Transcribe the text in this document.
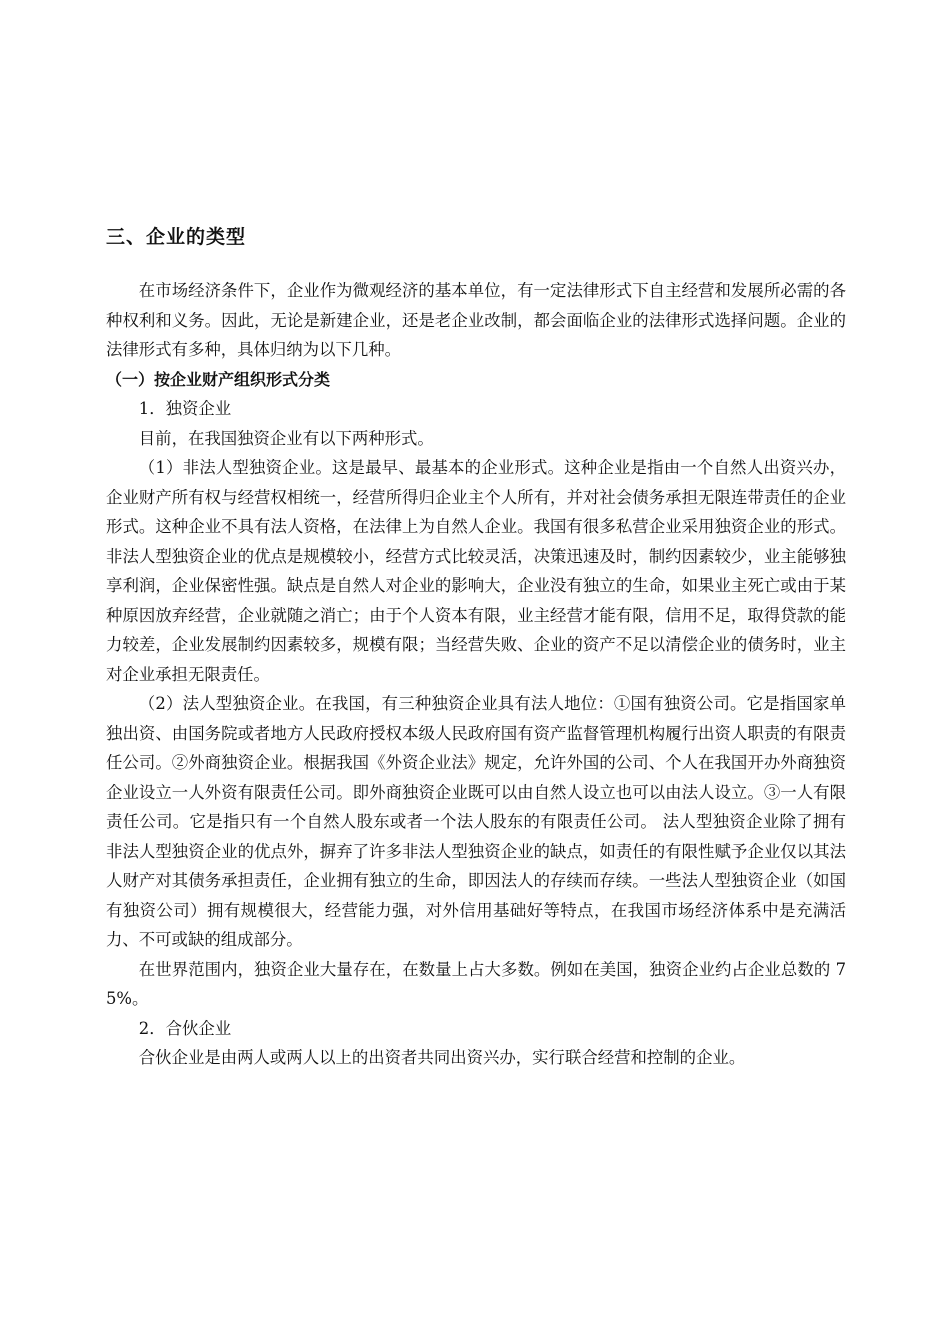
三、企业的类型

在市场经济条件下，企业作为微观经济的基本单位，有一定法律形式下自主经营和发展所必需的各种权利和义务。因此，无论是新建企业，还是老企业改制，都会面临企业的法律形式选择问题。企业的法律形式有多种，具体归纳为以下几种。

（一）按企业财产组织形式分类

1．独资企业

目前，在我国独资企业有以下两种形式。

（1）非法人型独资企业。这是最早、最基本的企业形式。这种企业是指由一个自然人出资兴办，企业财产所有权与经营权相统一，经营所得归企业主个人所有，并对社会债务承担无限连带责任的企业形式。这种企业不具有法人资格，在法律上为自然人企业。我国有很多私营企业采用独资企业的形式。非法人型独资企业的优点是规模较小，经营方式比较灵活，决策迅速及时，制约因素较少，业主能够独享利润，企业保密性强。缺点是自然人对企业的影响大，企业没有独立的生命，如果业主死亡或由于某种原因放弃经营，企业就随之消亡；由于个人资本有限，业主经营才能有限，信用不足，取得贷款的能力较差，企业发展制约因素较多，规模有限；当经营失败、企业的资产不足以清偿企业的债务时，业主对企业承担无限责任。

（2）法人型独资企业。在我国，有三种独资企业具有法人地位：①国有独资公司。它是指国家单独出资、由国务院或者地方人民政府授权本级人民政府国有资产监督管理机构履行出资人职责的有限责任公司。②外商独资企业。根据我国《外资企业法》规定，允许外国的公司、个人在我国开办外商独资企业设立一人外资有限责任公司。即外商独资企业既可以由自然人设立也可以由法人设立。③一人有限责任公司。它是指只有一个自然人股东或者一个法人股东的有限责任公司。 法人型独资企业除了拥有非法人型独资企业的优点外，摒弃了许多非法人型独资企业的缺点，如责任的有限性赋予企业仅以其法人财产对其债务承担责任，企业拥有独立的生命，即因法人的存续而存续。一些法人型独资企业（如国有独资公司）拥有规模很大，经营能力强，对外信用基础好等特点，在我国市场经济体系中是充满活力、不可或缺的组成部分。

在世界范围内，独资企业大量存在，在数量上占大多数。例如在美国，独资企业约占企业总数的 75%。

2．合伙企业

合伙企业是由两人或两人以上的出资者共同出资兴办，实行联合经营和控制的企业。
